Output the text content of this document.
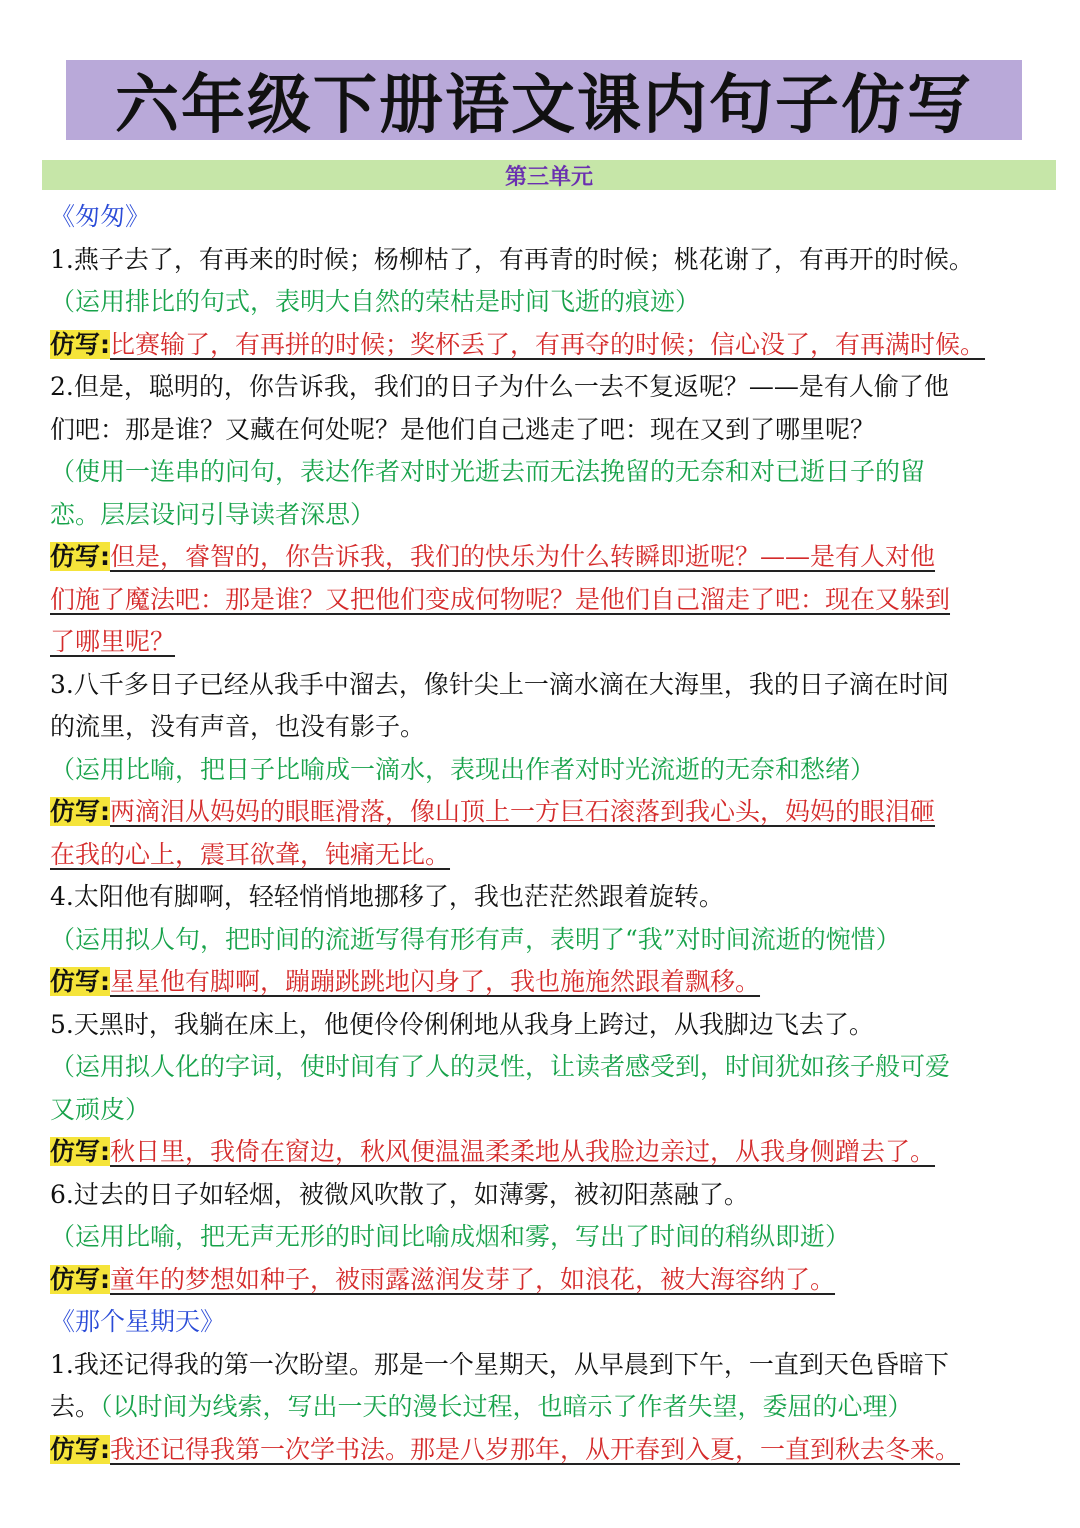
六年级下册语文课内句子仿写
第三单元
《匆匆》
1.燕子去了，有再来的时候；杨柳枯了，有再青的时候；桃花谢了，有再开的时候。
（运用排比的句式，表明大自然的荣枯是时间飞逝的痕迹）
仿写:比赛输了，有再拼的时候；奖杯丢了，有再夺的时候；信心没了，有再满时候。
2.但是，聪明的，你告诉我，我们的日子为什么一去不复返呢？——是有人偷了他
们吧：那是谁？又藏在何处呢？是他们自己逃走了吧：现在又到了哪里呢？
（使用一连串的问句，表达作者对时光逝去而无法挽留的无奈和对已逝日子的留
恋。层层设问引导读者深思）
仿写:但是，睿智的，你告诉我，我们的快乐为什么转瞬即逝呢？——是有人对他
们施了魔法吧：那是谁？又把他们变成何物呢？是他们自己溜走了吧：现在又躲到
了哪里呢？
3.八千多日子已经从我手中溜去，像针尖上一滴水滴在大海里，我的日子滴在时间
的流里，没有声音，也没有影子。
（运用比喻，把日子比喻成一滴水，表现出作者对时光流逝的无奈和愁绪）
仿写:两滴泪从妈妈的眼眶滑落，像山顶上一方巨石滚落到我心头，妈妈的眼泪砸
在我的心上，震耳欲聋，钝痛无比。
4.太阳他有脚啊，轻轻悄悄地挪移了，我也茫茫然跟着旋转。
（运用拟人句，把时间的流逝写得有形有声，表明了“我”对时间流逝的惋惜）
仿写:星星他有脚啊，蹦蹦跳跳地闪身了，我也施施然跟着飘移。
5.天黑时，我躺在床上，他便伶伶俐俐地从我身上跨过，从我脚边飞去了。
（运用拟人化的字词，使时间有了人的灵性，让读者感受到，时间犹如孩子般可爱
又顽皮）
仿写:秋日里，我倚在窗边，秋风便温温柔柔地从我脸边亲过，从我身侧蹭去了。
6.过去的日子如轻烟，被微风吹散了，如薄雾，被初阳蒸融了。
（运用比喻，把无声无形的时间比喻成烟和雾，写出了时间的稍纵即逝）
仿写:童年的梦想如种子，被雨露滋润发芽了，如浪花，被大海容纳了。
《那个星期天》
1.我还记得我的第一次盼望。那是一个星期天，从早晨到下午，一直到天色昏暗下
去。（以时间为线索，写出一天的漫长过程，也暗示了作者失望，委屈的心理）
仿写:我还记得我第一次学书法。那是八岁那年，从开春到入夏，一直到秋去冬来。
